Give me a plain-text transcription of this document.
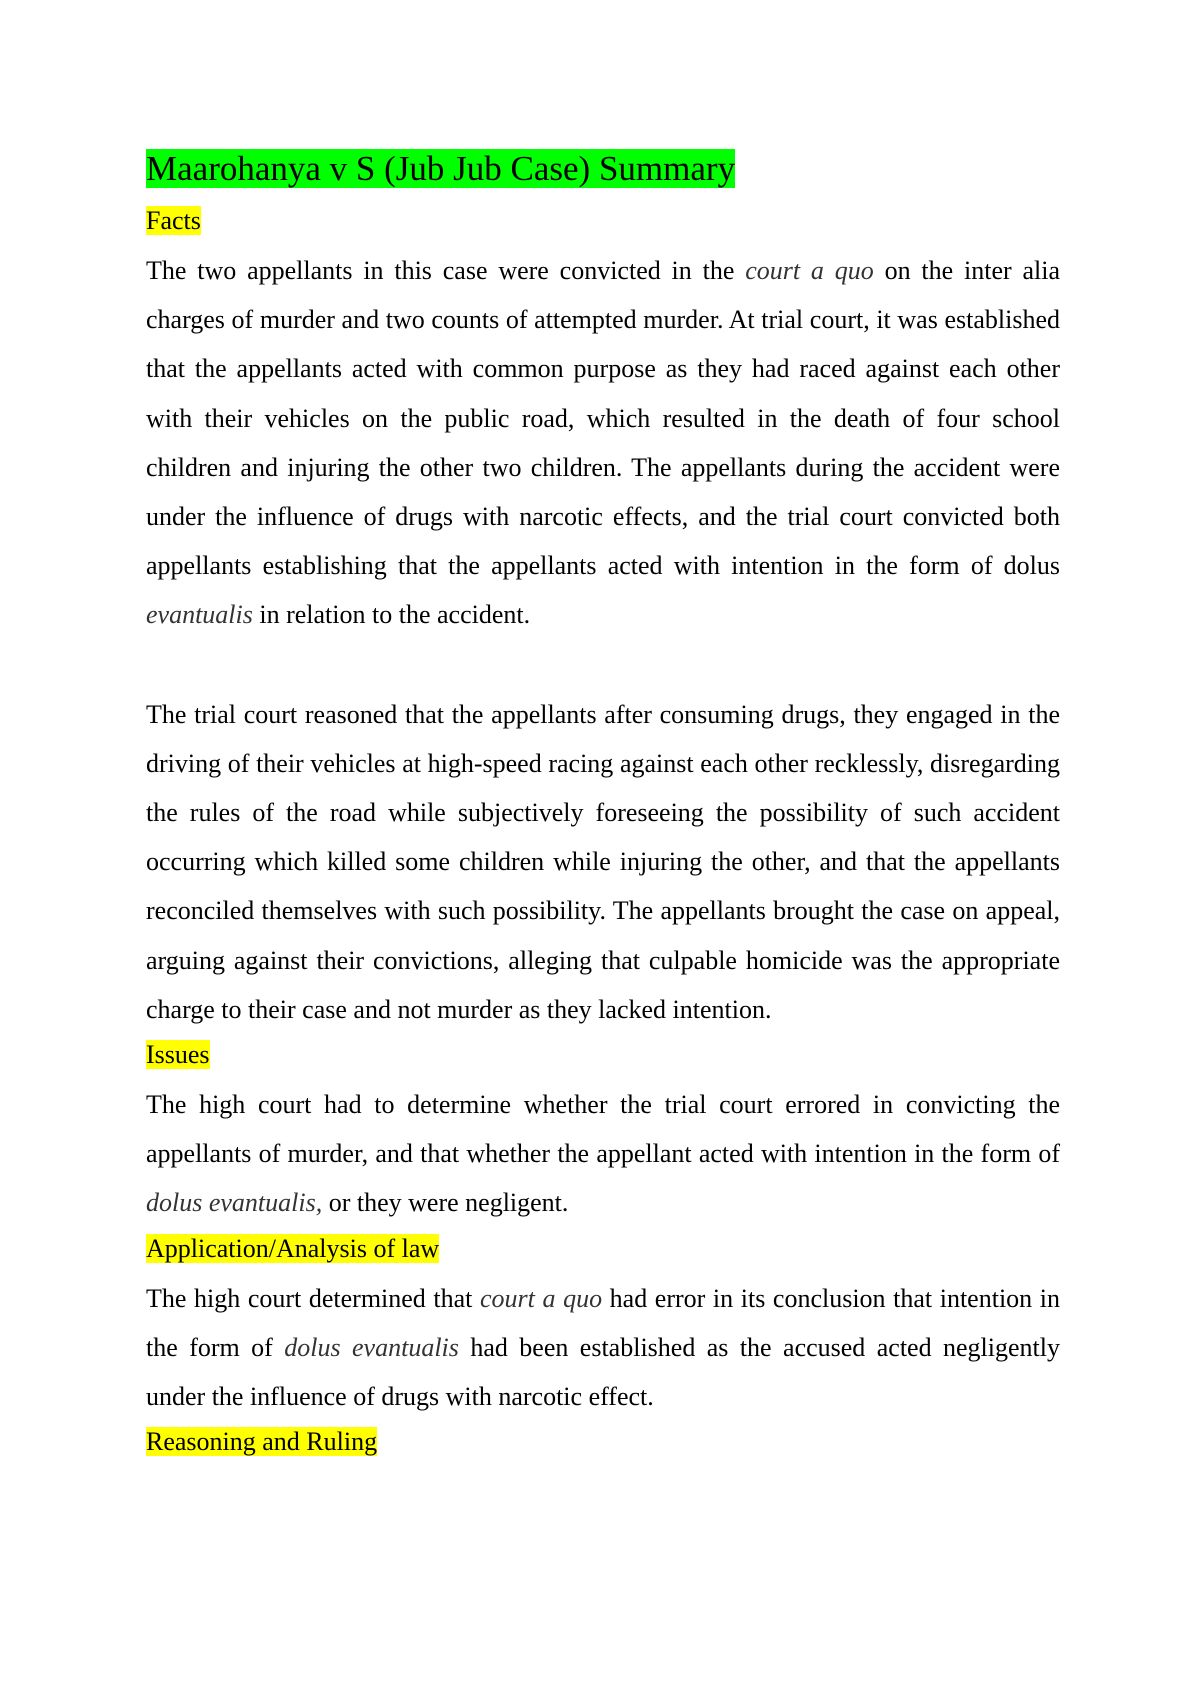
Maarohanya v S (Jub Jub Case) Summary
Facts

The two appellants in this case were convicted in the court a quo on the inter alia charges of murder and two counts of attempted murder. At trial court, it was established that the appellants acted with common purpose as they had raced against each other with their vehicles on the public road, which resulted in the death of four school children and injuring the other two children. The appellants during the accident were under the influence of drugs with narcotic effects, and the trial court convicted both appellants establishing that the appellants acted with intention in the form of dolus evantualis in relation to the accident.

The trial court reasoned that the appellants after consuming drugs, they engaged in the driving of their vehicles at high-speed racing against each other recklessly, disregarding the rules of the road while subjectively foreseeing the possibility of such accident occurring which killed some children while injuring the other, and that the appellants reconciled themselves with such possibility. The appellants brought the case on appeal, arguing against their convictions, alleging that culpable homicide was the appropriate charge to their case and not murder as they lacked intention.

Issues

The high court had to determine whether the trial court errored in convicting the appellants of murder, and that whether the appellant acted with intention in the form of dolus evantualis, or they were negligent.

Application/Analysis of law

The high court determined that court a quo had error in its conclusion that intention in the form of dolus evantualis had been established as the accused acted negligently under the influence of drugs with narcotic effect.

Reasoning and Ruling
